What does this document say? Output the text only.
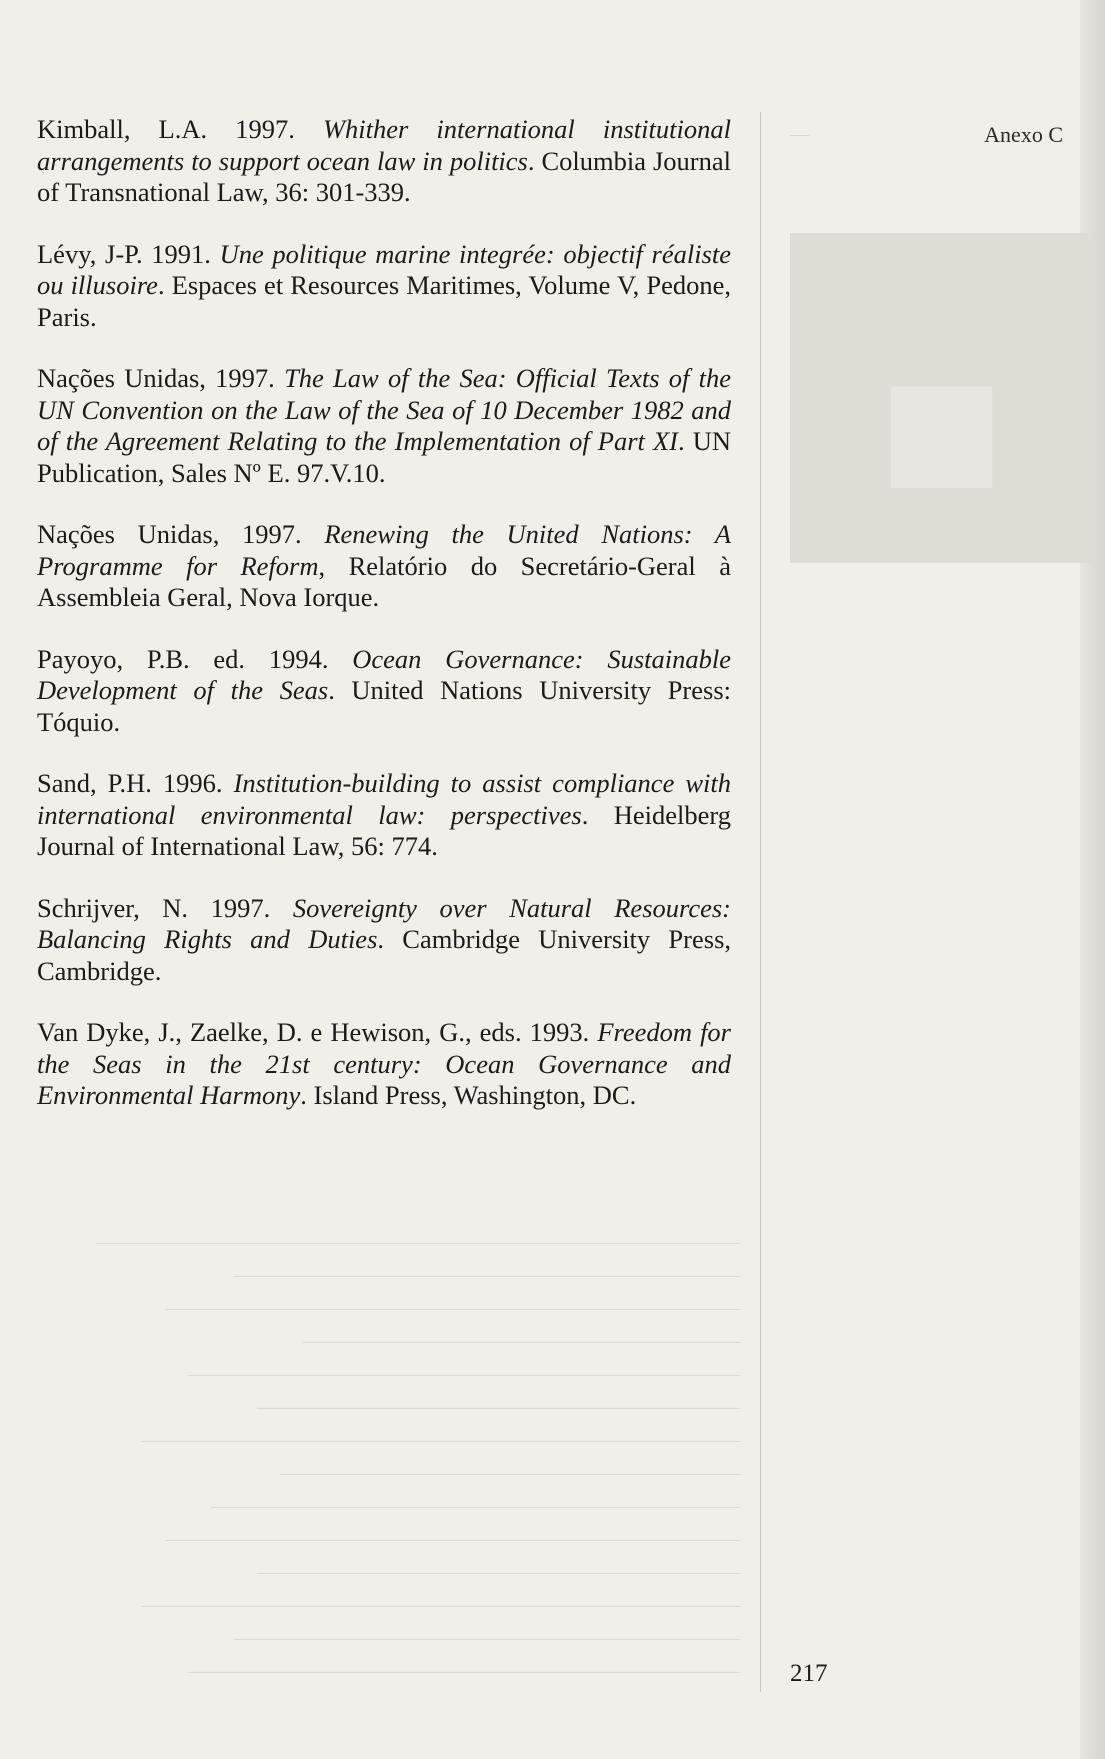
■
—
————————————————————————————
——————————————————————
—————————————————————————
———————————————————
————————————————————————
—————————————————————
——————————————————————————
————————————————————
———————————————————————
—————————————————————————
—————————————————————
——————————————————————————
——————————————————————
————————————————————————
Anexo C

Kimball, L.A. 1997. Whither international institutional arrangements to support ocean law in politics. Columbia Journal of Transnational Law, 36: 301-339.

Lévy, J-P. 1991. Une politique marine integrée: objectif réaliste ou illusoire. Espaces et Resources Maritimes, Volume V, Pedone, Paris.

Nações Unidas, 1997. The Law of the Sea: Official Texts of the UN Convention on the Law of the Sea of 10 December 1982 and of the Agreement Relating to the Implementation of Part XI. UN Publication, Sales Nº E. 97.V.10.

Nações Unidas, 1997. Renewing the United Nations: A Programme for Reform, Relatório do Secretário-Geral à Assembleia Geral, Nova Iorque.

Payoyo, P.B. ed. 1994. Ocean Governance: Sustainable Development of the Seas. United Nations University Press: Tóquio.

Sand, P.H. 1996. Institution-building to assist compliance with international environmental law: perspectives. Heidelberg Journal of International Law, 56: 774.

Schrijver, N. 1997. Sovereignty over Natural Resources: Balancing Rights and Duties. Cambridge University Press, Cambridge.

Van Dyke, J., Zaelke, D. e Hewison, G., eds. 1993. Freedom for the Seas in the 21st century: Ocean Governance and Environmental Harmony. Island Press, Washington, DC.

217
